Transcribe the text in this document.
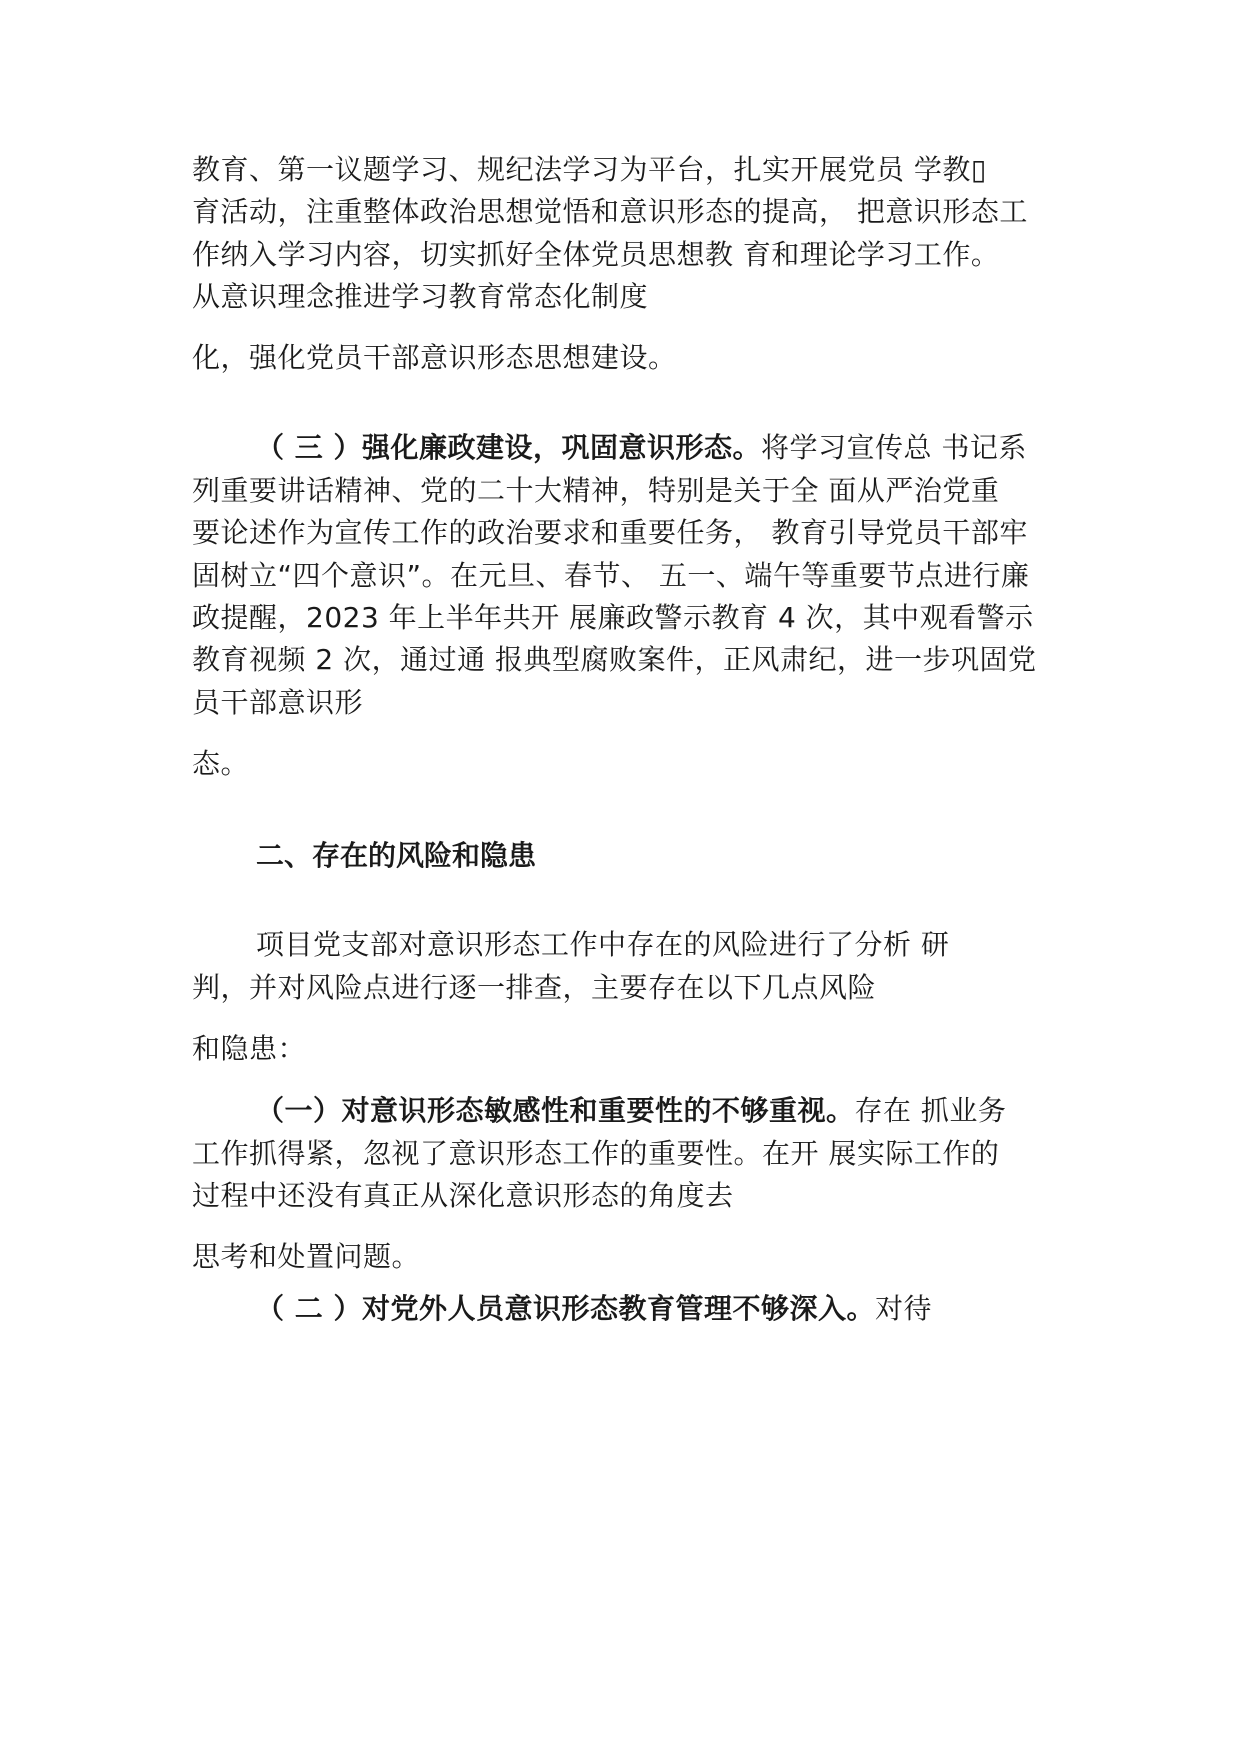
教育、第一议题学习、规纪法学习为平台，扎实开展党员 学教▯
育活动，注重整体政治思想觉悟和意识形态的提高， 把意识形态工
作纳入学习内容，切实抓好全体党员思想教 育和理论学习工作。
从意识理念推进学习教育常态化制度
化，强化党员干部意识形态思想建设。
（ 三 ）强化廉政建设，巩固意识形态。将学习宣传总 书记系
列重要讲话精神、党的二十大精神，特别是关于全 面从严治党重
要论述作为宣传工作的政治要求和重要任务， 教育引导党员干部牢
固树立“四个意识”。在元旦、春节、 五一、端午等重要节点进行廉
政提醒，2023 年上半年共开 展廉政警示教育 4 次，其中观看警示
教育视频 2 次，通过通 报典型腐败案件，正风肃纪，进一步巩固党
员干部意识形
态。
二、存在的风险和隐患
项目党支部对意识形态工作中存在的风险进行了分析 研
判，并对风险点进行逐一排查，主要存在以下几点风险
和隐患：
（一）对意识形态敏感性和重要性的不够重视。存在 抓业务
工作抓得紧，忽视了意识形态工作的重要性。在开 展实际工作的
过程中还没有真正从深化意识形态的角度去
思考和处置问题。
（ 二 ）对党外人员意识形态教育管理不够深入。对待
